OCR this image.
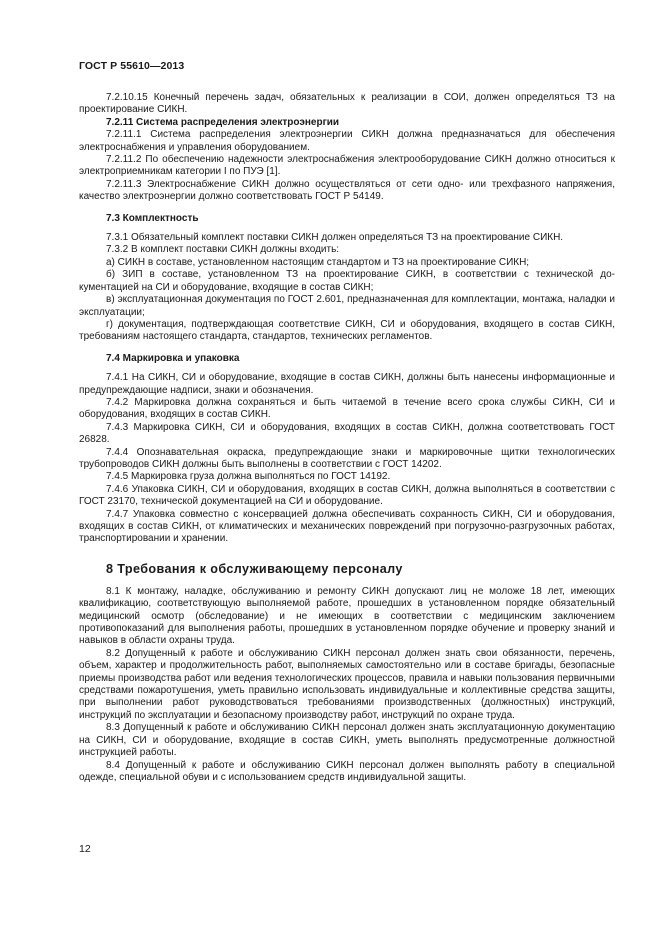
ГОСТ Р 55610—2013

7.2.10.15 Конечный перечень задач, обязательных к реализации в СОИ, должен определяться ТЗ на проектирование СИКН.

7.2.11 Система распределения электроэнергии

7.2.11.1 Система распределения электроэнергии СИКН должна предназначаться для обеспечения электроснабжения и управления оборудованием.

7.2.11.2 По обеспечению надежности электроснабжения электрооборудование СИКН должно относиться к электроприемникам категории I по ПУЭ [1].

7.2.11.3 Электроснабжение СИКН должно осуществляться от сети одно- или трехфазного напряжения, качество электроэнергии должно соответствовать ГОСТ Р 54149.

7.3 Комплектность

7.3.1 Обязательный комплект поставки СИКН должен определяться ТЗ на проектирование СИКН.

7.3.2 В комплект поставки СИКН должны входить:

а) СИКН в составе, установленном настоящим стандартом и ТЗ на проектирование СИКН;

б) ЗИП в составе, установленном ТЗ на проектирование СИКН, в соответствии с технической документацией на СИ и оборудование, входящие в состав СИКН;

в) эксплуатационная документация по ГОСТ 2.601, предназначенная для комплектации, монтажа, наладки и эксплуатации;

г) документация, подтверждающая соответствие СИКН, СИ и оборудования, входящего в состав СИКН, требованиям настоящего стандарта, стандартов, технических регламентов.

7.4 Маркировка и упаковка

7.4.1 На СИКН, СИ и оборудование, входящие в состав СИКН, должны быть нанесены информационные и предупреждающие надписи, знаки и обозначения.

7.4.2 Маркировка должна сохраняться и быть читаемой в течение всего срока службы СИКН, СИ и оборудования, входящих в состав СИКН.

7.4.3 Маркировка СИКН, СИ и оборудования, входящих в состав СИКН, должна соответствовать ГОСТ 26828.

7.4.4 Опознавательная окраска, предупреждающие знаки и маркировочные щитки технологических трубопроводов СИКН должны быть выполнены в соответствии с ГОСТ 14202.

7.4.5 Маркировка груза должна выполняться по ГОСТ 14192.

7.4.6 Упаковка СИКН, СИ и оборудования, входящих в состав СИКН, должна выполняться в соответствии с ГОСТ 23170, технической документацией на СИ и оборудование.

7.4.7 Упаковка совместно с консервацией должна обеспечивать сохранность СИКН, СИ и оборудования, входящих в состав СИКН, от климатических и механических повреждений при погрузочно-разгрузочных работах, транспортировании и хранении.

8 Требования к обслуживающему персоналу

8.1 К монтажу, наладке, обслуживанию и ремонту СИКН допускают лиц не моложе 18 лет, имеющих квалификацию, соответствующую выполняемой работе, прошедших в установленном порядке обязательный медицинский осмотр (обследование) и не имеющих в соответствии с медицинским заключением противопоказаний для выполнения работы, прошедших в установленном порядке обучение и проверку знаний и навыков в области охраны труда.

8.2 Допущенный к работе и обслуживанию СИКН персонал должен знать свои обязанности, перечень, объем, характер и продолжительность работ, выполняемых самостоятельно или в составе бригады, безопасные приемы производства работ или ведения технологических процессов, правила и навыки пользования первичными средствами пожаротушения, уметь правильно использовать индивидуальные и коллективные средства защиты, при выполнении работ руководствоваться требованиями производственных (должностных) инструкций, инструкций по эксплуатации и безопасному производству работ, инструкций по охране труда.

8.3 Допущенный к работе и обслуживанию СИКН персонал должен знать эксплуатационную документацию на СИКН, СИ и оборудование, входящие в состав СИКН, уметь выполнять предусмотренные должностной инструкцией работы.

8.4 Допущенный к работе и обслуживанию СИКН персонал должен выполнять работу в специальной одежде, специальной обуви и с использованием средств индивидуальной защиты.

12
